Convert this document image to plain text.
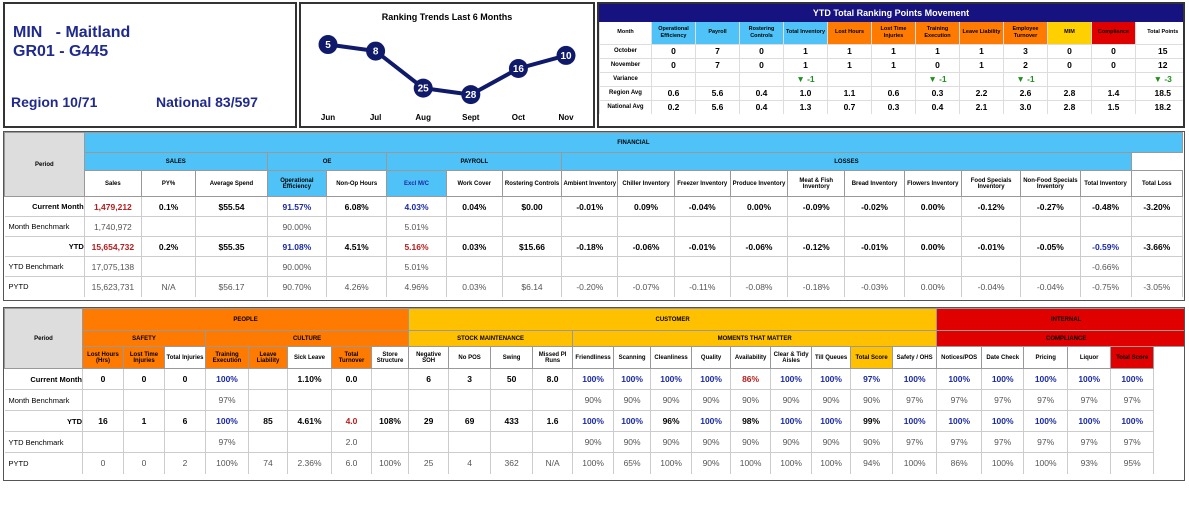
MIN   - Maitland
GR01 - G445
Region 10/71	National 83/597
Ranking Trends Last 6 Months
5
Jun
8
Jul
25
Aug
28
Sept
16
Oct
10
Nov
YTD Total Ranking Points Movement
Month	Operational Efficiency	Payroll	Rostering Controls	Total Inventory	Lost Hours	Lost Time Injuries	Training Execution	Leave Liability	Employee Turnover	MIM	Compliance	Total Points
October	0	7	0	1	1	1	1	1	3	0	0	15
November	0	7	0	1	1	1	0	1	2	0	0	12
Variance				▼ -1			▼ -1		▼ -1			▼ -3
Region Avg	0.6	5.6	0.4	1.0	1.1	0.6	0.3	2.2	2.6	2.8	1.4	18.5
National Avg	0.2	5.6	0.4	1.3	0.7	0.3	0.4	2.1	3.0	2.8	1.5	18.2
Period	FINANCIAL																		
	SALES			OE		PAYROLL			LOSSES										
	Sales	PY%	Average Spend	Operational Efficiency	Non-Op Hours	Excl M/C	Work Cover	Rostering Controls	Ambient Inventory	Chiller Inventory	Freezer Inventory	Produce Inventory	Meat & Fish Inventory	Bread Inventory	Flowers Inventory	Food Specials Inventory	Non-Food Specials Inventory	Total Inventory	Total Loss
Current Month	1,479,212	0.1%	$55.54	91.57%	6.08%	4.03%	0.04%	$0.00	-0.01%	0.09%	-0.04%	0.00%	-0.09%	-0.02%	0.00%	-0.12%	-0.27%	-0.48%	-3.20%
Month Benchmark	1,740,972			90.00%		5.01%													
YTD	15,654,732	0.2%	$55.35	91.08%	4.51%	5.16%	0.03%	$15.66	-0.18%	-0.06%	-0.01%	-0.06%	-0.12%	-0.01%	0.00%	-0.01%	-0.05%	-0.59%	-3.66%
YTD Benchmark	17,075,138			90.00%		5.01%												-0.66%	
PYTD	15,623,731	N/A	$56.17	90.70%	4.26%	4.96%	0.03%	$6.14	-0.20%	-0.07%	-0.11%	-0.08%	-0.18%	-0.03%	0.00%	-0.04%	-0.04%	-0.75%	-3.05%
Period	PEOPLE								CUSTOMER													INTERNAL				
	SAFETY			CULTURE					STOCK MAINTENANCE				MOMENTS THAT MATTER									COMPLIANCE				
	Lost Hours (Hrs)	Lost Time Injuries	Total Injuries	Training Execution	Leave Liability	Sick Leave	Total Turnover	Store Structure	Negative SOH	No POS	Swing	Missed PI Runs	Friendliness	Scanning	Cleanliness	Quality	Availability	Clear & Tidy Aisles	Till Queues	Total Score	Safety / OHS	Notices/POS	Date Check	Pricing	Liquor	Total Score
Current Month	0	0	0	100%		1.10%	0.0		6	3	50	8.0	100%	100%	100%	100%	86%	100%	100%	97%	100%	100%	100%	100%	100%	100%
Month Benchmark				97%									90%	90%	90%	90%	90%	90%	90%	90%	97%	97%	97%	97%	97%	97%
YTD	16	1	6	100%	85	4.61%	4.0	108%	29	69	433	1.6	100%	100%	96%	100%	98%	100%	100%	99%	100%	100%	100%	100%	100%	100%
YTD Benchmark				97%			2.0						90%	90%	90%	90%	90%	90%	90%	90%	97%	97%	97%	97%	97%	97%
PYTD	0	0	2	100%	74	2.36%	6.0	100%	25	4	362	N/A	100%	65%	100%	90%	100%	100%	100%	94%	100%	86%	100%	100%	93%	95%
